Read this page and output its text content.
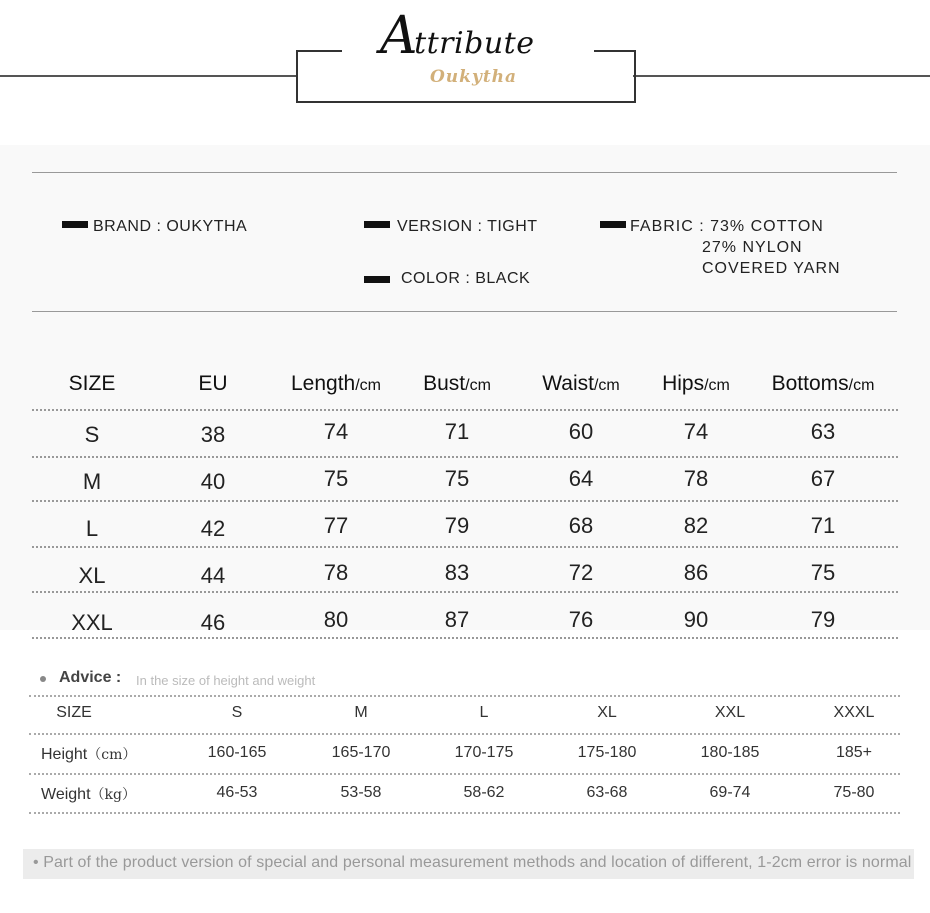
Attribute
Oukytha
BRAND : OUKYTHA	VERSION : TIGHT
COLOR : BLACK
FABRIC : 73% COTTON
27% NYLON
COVERED YARN
SIZE	EU	Length/cm	Bust/cm	Waist/cm	Hips/cm	Bottoms/cm
S	38	74	71	60	74	63
M	40	75	75	64	78	67
L	42	77	79	68	82	71
XL	44	78	83	72	86	75
XXL	46	80	87	76	90	79
Advice : In the size of height and weight
SIZE	S	M	L	XL	XXL	XXXL
Height（cm）	160-165	165-170	170-175	175-180	180-185	185+
Weight（kg）	46-53	53-58	58-62	63-68	69-74	75-80
• Part of the product version of special and personal measurement methods and location of different, 1-2cm error is normal
